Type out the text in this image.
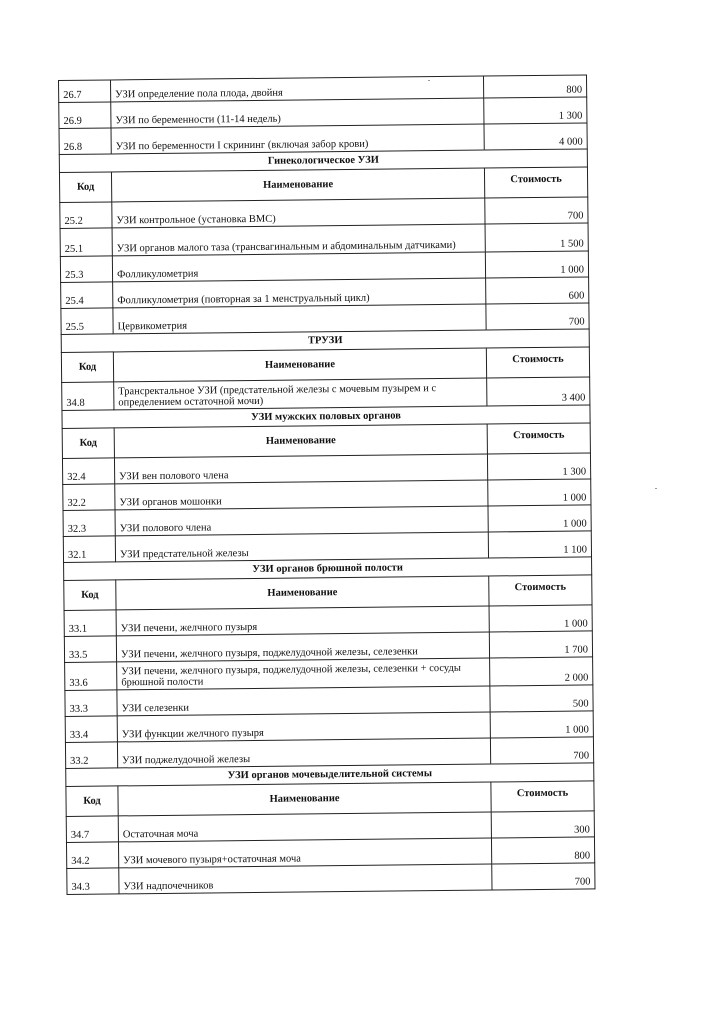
26.7	УЗИ определение пола плода, двойня	800
26.9	УЗИ по беременности (11-14 недель)	1 300
26.8	УЗИ по беременности I скрининг (включая забор крови)	4 000
Гинекологическое УЗИ		
Код	Наименование	Стоимость
25.2	УЗИ контрольное (установка ВМС)	700
25.1	УЗИ органов малого таза (трансвагинальным и абдоминальным датчиками)	1 500
25.3	Фолликулометрия	1 000
25.4	Фолликулометрия (повторная за 1 менструальный цикл)	600
25.5	Цервикометрия	700
ТРУЗИ		
Код	Наименование	Стоимость
34.8	Трансректальное УЗИ (предстательной железы с мочевым пузырем и с определением остаточной мочи)	3 400
УЗИ мужских половых органов		
Код	Наименование	Стоимость
32.4	УЗИ вен полового члена	1 300
32.2	УЗИ органов мошонки	1 000
32.3	УЗИ полового члена	1 000
32.1	УЗИ предстательной железы	1 100
УЗИ органов брюшной полости		
Код	Наименование	Стоимость
33.1	УЗИ печени, желчного пузыря	1 000
33.5	УЗИ печени, желчного пузыря, поджелудочной железы, селезенки	1 700
33.6	УЗИ печени, желчного пузыря, поджелудочной железы, селезенки + сосуды брюшной полости	2 000
33.3	УЗИ селезенки	500
33.4	УЗИ функции желчного пузыря	1 000
33.2	УЗИ поджелудочной железы	700
УЗИ органов мочевыделительной системы		
Код	Наименование	Стоимость
34.7	Остаточная моча	300
34.2	УЗИ мочевого пузыря+остаточная моча	800
34.3	УЗИ надпочечников	700
